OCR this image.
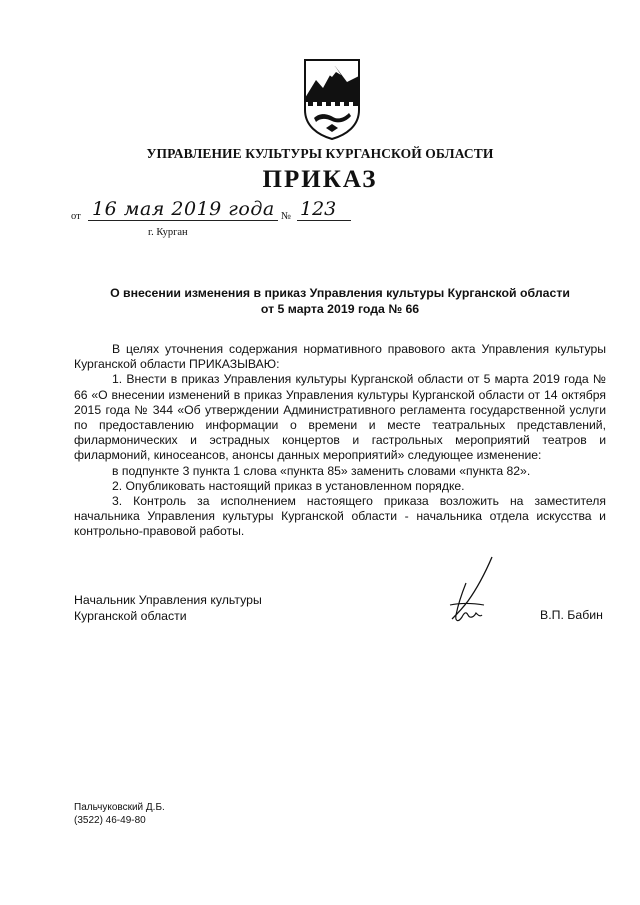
УПРАВЛЕНИЕ КУЛЬТУРЫ КУРГАНСКОЙ ОБЛАСТИ
ПРИКАЗ
от 16 мая 2019 года № 123
г. Курган
О внесении изменения в приказ Управления культуры Курганской области
от 5 марта 2019 года № 66

В целях уточнения содержания нормативного правового акта Управления культуры Курганской области ПРИКАЗЫВАЮ:

1. Внести в приказ Управления культуры Курганской области от 5 марта 2019 года № 66 «О внесении изменений в приказ Управления культуры Курганской области от 14 октября 2015 года № 344 «Об утверждении Административного регламента государственной услуги по предоставлению информации о времени и месте театральных представлений, филармонических и эстрадных концертов и гастрольных мероприятий театров и филармоний, киносеансов, анонсы данных мероприятий» следующее изменение:

в подпункте 3 пункта 1 слова «пункта 85» заменить словами «пункта 82».

2. Опубликовать настоящий приказ в установленном порядке.

3. Контроль за исполнением настоящего приказа возложить на заместителя начальника Управления культуры Курганской области - начальника отдела искусства и контрольно-правовой работы.

Начальник Управления культуры
Курганской области	В.П. Бабин
Пальчуковский Д.Б.
(3522) 46-49-80
